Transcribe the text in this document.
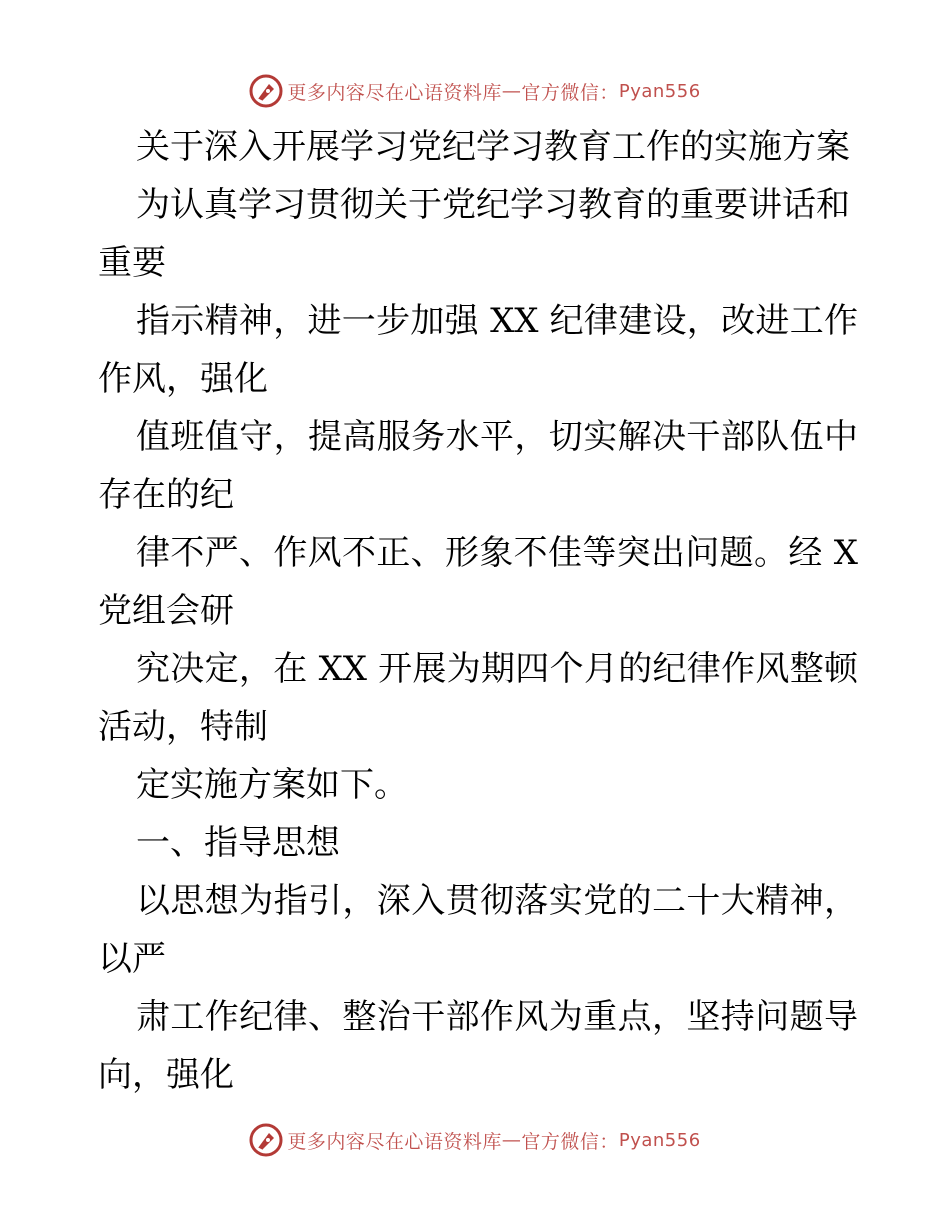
更多内容尽在心语资料库 — 官方微信： Pyan556
关于深入开展学习党纪学习教育工作的实施方案
为认真学习贯彻关于党纪学习教育的重要讲话和
重要
指示精神，进一步加强 XX 纪律建设，改进工作
作风，强化
值班值守，提高服务水平，切实解决干部队伍中
存在的纪
律不严、作风不正、形象不佳等突出问题。经 X
党组会研
究决定，在 XX 开展为期四个月的纪律作风整顿
活动，特制
定实施方案如下。
一、指导思想
以思想为指引，深入贯彻落实党的二十大精神，
以严
肃工作纪律、整治干部作风为重点，坚持问题导
向，强化
更多内容尽在心语资料库 — 官方微信： Pyan556
